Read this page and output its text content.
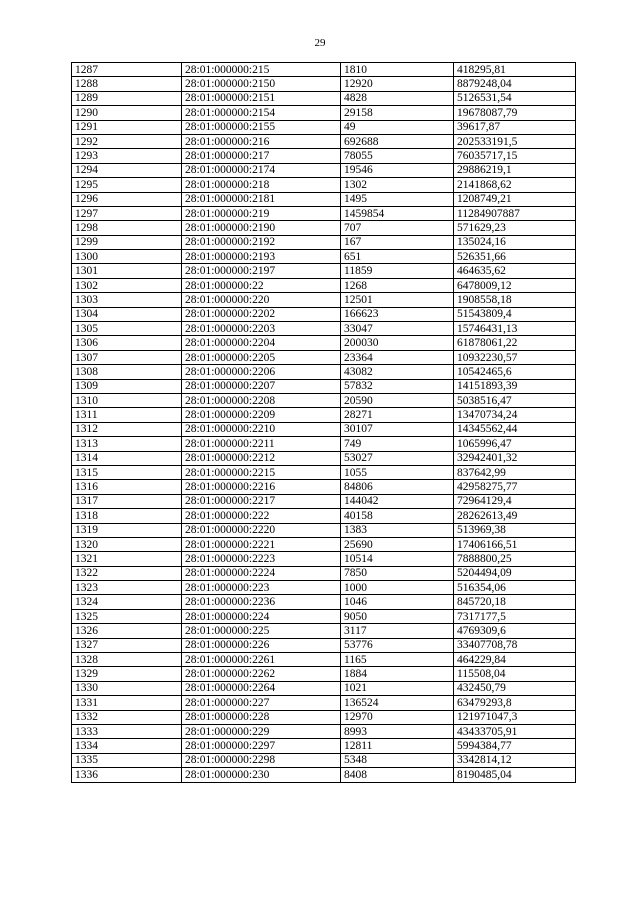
29
1287	28:01:000000:215	1810	418295,81
1288	28:01:000000:2150	12920	8879248,04
1289	28:01:000000:2151	4828	5126531,54
1290	28:01:000000:2154	29158	19678087,79
1291	28:01:000000:2155	49	39617,87
1292	28:01:000000:216	692688	202533191,5
1293	28:01:000000:217	78055	76035717,15
1294	28:01:000000:2174	19546	29886219,1
1295	28:01:000000:218	1302	2141868,62
1296	28:01:000000:2181	1495	1208749,21
1297	28:01:000000:219	1459854	11284907887
1298	28:01:000000:2190	707	571629,23
1299	28:01:000000:2192	167	135024,16
1300	28:01:000000:2193	651	526351,66
1301	28:01:000000:2197	11859	464635,62
1302	28:01:000000:22	1268	6478009,12
1303	28:01:000000:220	12501	1908558,18
1304	28:01:000000:2202	166623	51543809,4
1305	28:01:000000:2203	33047	15746431,13
1306	28:01:000000:2204	200030	61878061,22
1307	28:01:000000:2205	23364	10932230,57
1308	28:01:000000:2206	43082	10542465,6
1309	28:01:000000:2207	57832	14151893,39
1310	28:01:000000:2208	20590	5038516,47
1311	28:01:000000:2209	28271	13470734,24
1312	28:01:000000:2210	30107	14345562,44
1313	28:01:000000:2211	749	1065996,47
1314	28:01:000000:2212	53027	32942401,32
1315	28:01:000000:2215	1055	837642,99
1316	28:01:000000:2216	84806	42958275,77
1317	28:01:000000:2217	144042	72964129,4
1318	28:01:000000:222	40158	28262613,49
1319	28:01:000000:2220	1383	513969,38
1320	28:01:000000:2221	25690	17406166,51
1321	28:01:000000:2223	10514	7888800,25
1322	28:01:000000:2224	7850	5204494,09
1323	28:01:000000:223	1000	516354,06
1324	28:01:000000:2236	1046	845720,18
1325	28:01:000000:224	9050	7317177,5
1326	28:01:000000:225	3117	4769309,6
1327	28:01:000000:226	53776	33407708,78
1328	28:01:000000:2261	1165	464229,84
1329	28:01:000000:2262	1884	115508,04
1330	28:01:000000:2264	1021	432450,79
1331	28:01:000000:227	136524	63479293,8
1332	28:01:000000:228	12970	121971047,3
1333	28:01:000000:229	8993	43433705,91
1334	28:01:000000:2297	12811	5994384,77
1335	28:01:000000:2298	5348	3342814,12
1336	28:01:000000:230	8408	8190485,04
